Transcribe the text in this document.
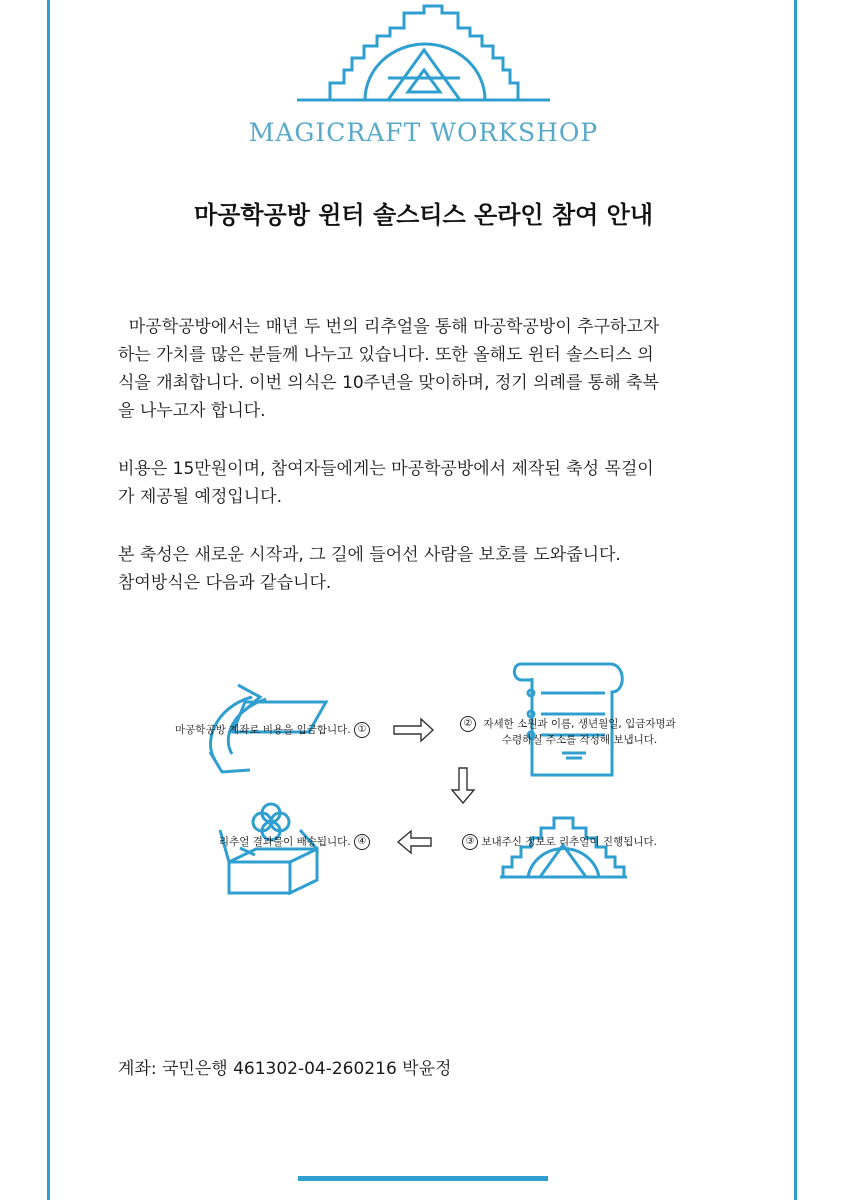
MAGICRAFT WORKSHOP
마공학공방 윈터 솔스티스 온라인 참여 안내
마공학공방에서는 매년 두 번의 리추얼을 통해 마공학공방이 추구하고자
하는 가치를 많은 분들께 나누고 있습니다. 또한 올해도 윈터 솔스티스 의
식을 개최합니다. 이번 의식은 10주년을 맞이하며, 정기 의례를 통해 축복
을 나누고자 합니다.
비용은 15만원이며, 참여자들에게는 마공학공방에서 제작된 축성 목걸이
가 제공될 예정입니다.
본 축성은 새로운 시작과, 그 길에 들어선 사람을 보호를 도와줍니다.
참여방식은 다음과 같습니다.
마공학공방 계좌로 비용을 입금합니다. ①
② 자세한 소원과 이름, 생년월일, 입금자명과
수령하실 주소를 작성해 보냅니다.
③ 보내주신 정보로 리추얼이 진행됩니다.
리추얼 결과물이 배송됩니다. ④
계좌: 국민은행 461302-04-260216 박윤정
